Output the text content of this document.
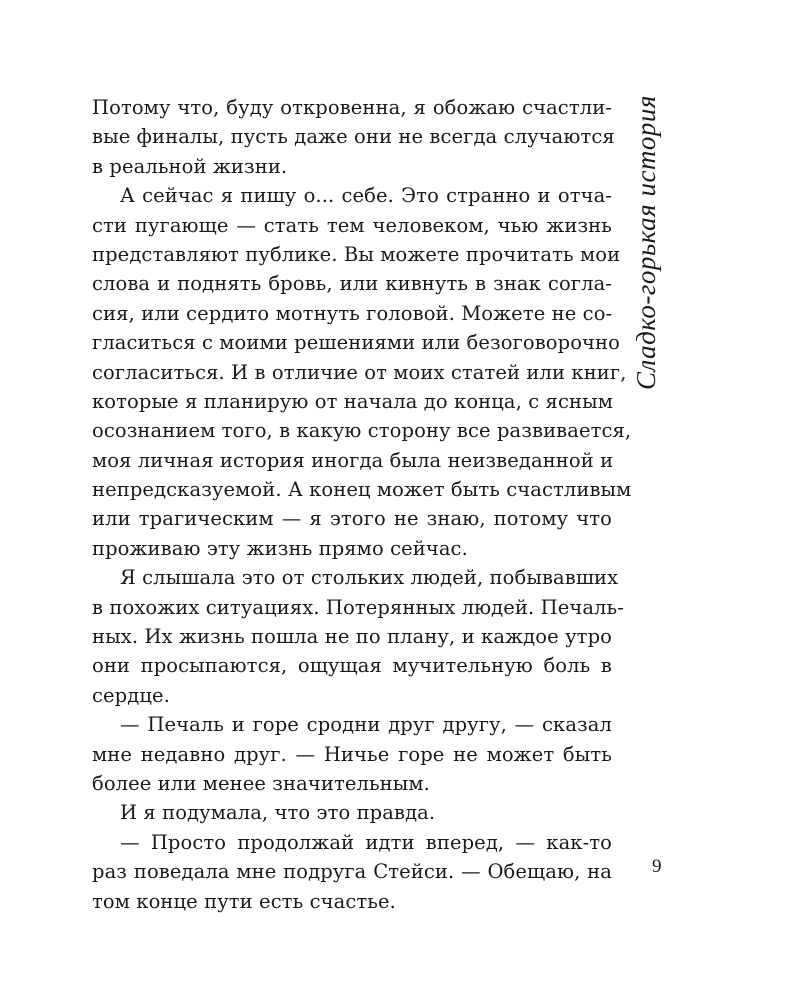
Потому что, буду откровенна, я обожаю счастли-
вые финалы, пусть даже они не всегда случаются
в реальной жизни.
А сейчас я пишу о... себе. Это странно и отча-
сти пугающе — стать тем человеком, чью жизнь
представляют публике. Вы можете прочитать мои
слова и поднять бровь, или кивнуть в знак согла-
сия, или сердито мотнуть головой. Можете не со-
гласиться с моими решениями или безоговорочно
согласиться. И в отличие от моих статей или книг,
которые я планирую от начала до конца, с ясным
осознанием того, в какую сторону все развивается,
моя личная история иногда была неизведанной и
непредсказуемой. А конец может быть счастливым
или трагическим — я этого не знаю, потому что
проживаю эту жизнь прямо сейчас.
Я слышала это от стольких людей, побывавших
в похожих ситуациях. Потерянных людей. Печаль-
ных. Их жизнь пошла не по плану, и каждое утро
они просыпаются, ощущая мучительную боль в
сердце.
— Печаль и горе сродни друг другу, — сказал
мне недавно друг. — Ничье горе не может быть
более или менее значительным.
И я подумала, что это правда.
— Просто продолжай идти вперед, — как-то
раз поведала мне подруга Стейси. — Обещаю, на
том конце пути есть счастье.
Сладко-горькая история
9
